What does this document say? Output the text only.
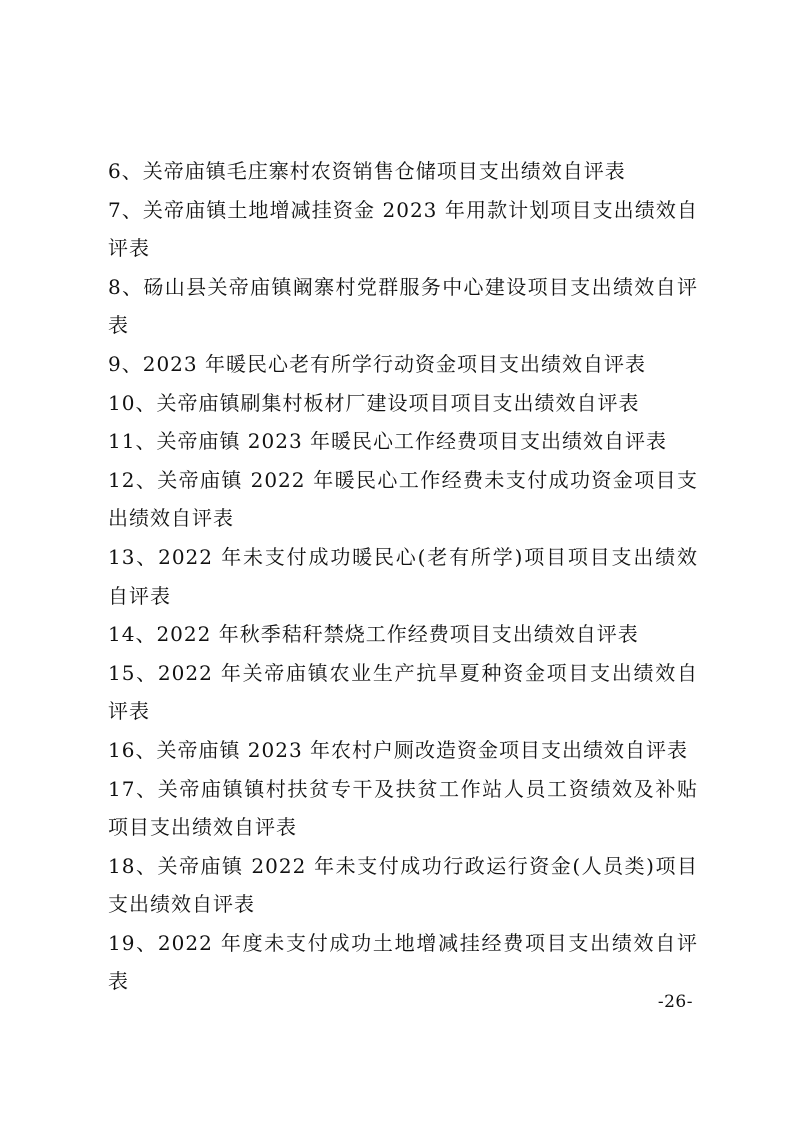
6、关帝庙镇毛庄寨村农资销售仓储项目支出绩效自评表
7、关帝庙镇土地增减挂资金 2023 年用款计划项目支出绩效自评表
8、砀山县关帝庙镇阚寨村党群服务中心建设项目支出绩效自评表
9、2023 年暖民心老有所学行动资金项目支出绩效自评表
10、关帝庙镇刷集村板材厂建设项目项目支出绩效自评表
11、关帝庙镇 2023 年暖民心工作经费项目支出绩效自评表
12、关帝庙镇 2022 年暖民心工作经费未支付成功资金项目支出绩效自评表
13、2022 年未支付成功暖民心(老有所学)项目项目支出绩效自评表
14、2022 年秋季秸秆禁烧工作经费项目支出绩效自评表
15、2022 年关帝庙镇农业生产抗旱夏种资金项目支出绩效自评表
16、关帝庙镇 2023 年农村户厕改造资金项目支出绩效自评表
17、关帝庙镇镇村扶贫专干及扶贫工作站人员工资绩效及补贴项目支出绩效自评表
18、关帝庙镇 2022 年未支付成功行政运行资金(人员类)项目支出绩效自评表
19、2022 年度未支付成功土地增减挂经费项目支出绩效自评表
-26-
